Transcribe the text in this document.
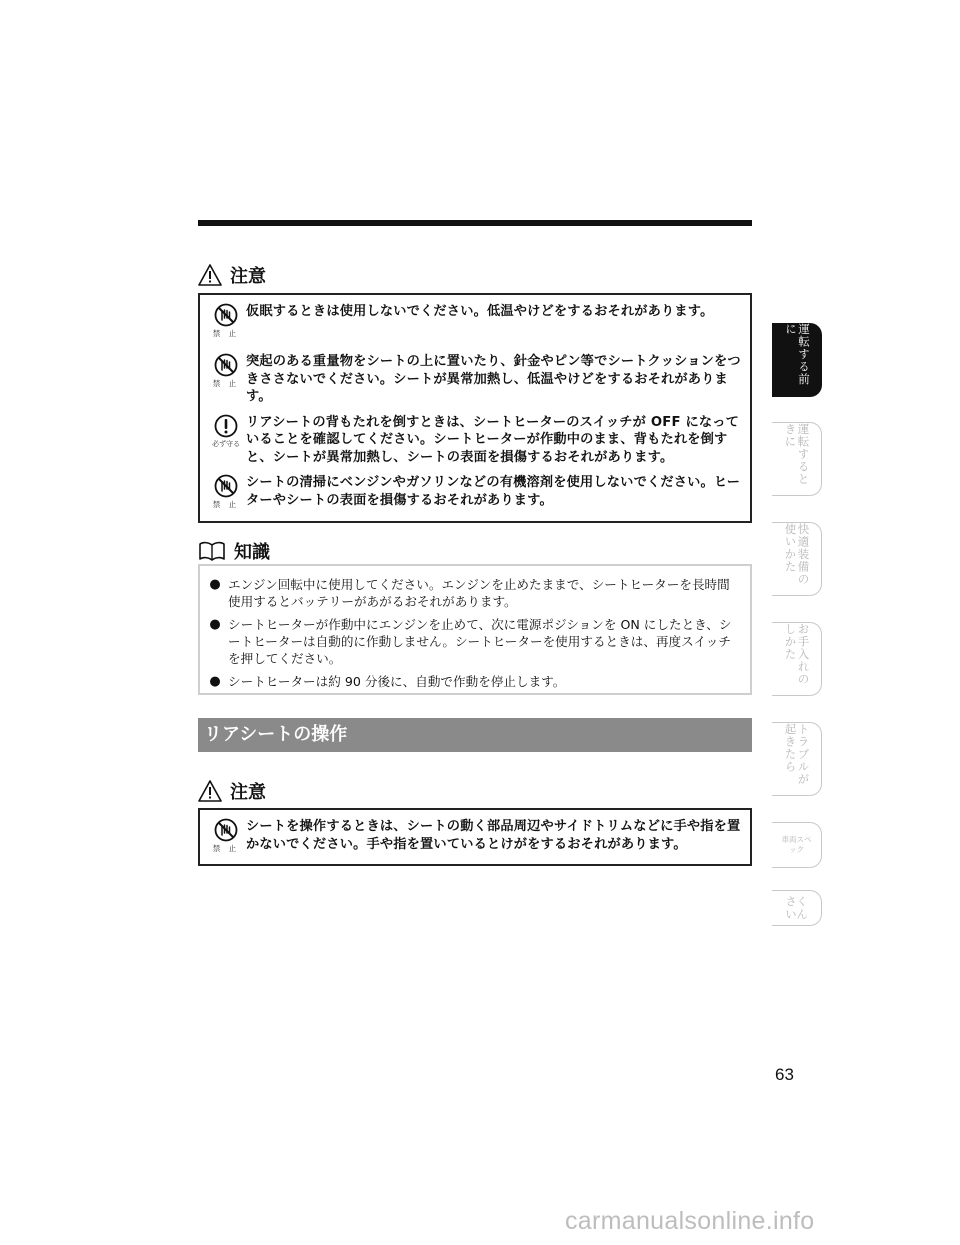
注意
禁 止
仮眠するときは使用しないでください。低温やけどをするおそれがあります。
禁 止
突起のある重量物をシートの上に置いたり、針金やピン等でシートクッションをつきささないでください。シートが異常加熱し、低温やけどをするおそれがあります。
必ず守る
リアシートの背もたれを倒すときは、シートヒーターのスイッチが OFF になっていることを確認してください。シートヒーターが作動中のまま、背もたれを倒すと、シートが異常加熱し、シートの表面を損傷するおそれがあります。
禁 止
シートの清掃にベンジンやガソリンなどの有機溶剤を使用しないでください。ヒーターやシートの表面を損傷するおそれがあります。
知識
● エンジン回転中に使用してください。エンジンを止めたままで、シートヒーターを長時間使用するとバッテリーがあがるおそれがあります。
● シートヒーターが作動中にエンジンを止めて、次に電源ポジションを ON にしたとき、シートヒーターは自動的に作動しません。シートヒーターを使用するときは、再度スイッチを押してください。
● シートヒーターは約 90 分後に、自動で作動を停止します。
リアシートの操作
注意
禁 止
シートを操作するときは、シートの動く部品周辺やサイドトリムなどに手や指を置かないでください。手や指を置いているとけがをするおそれがあります。
運転する前に
運転するときに
快適装備の使いかた
お手入れのしかた
トラブルが起きたら
車両スペック
さくいん
63
carmanualsonline.info
